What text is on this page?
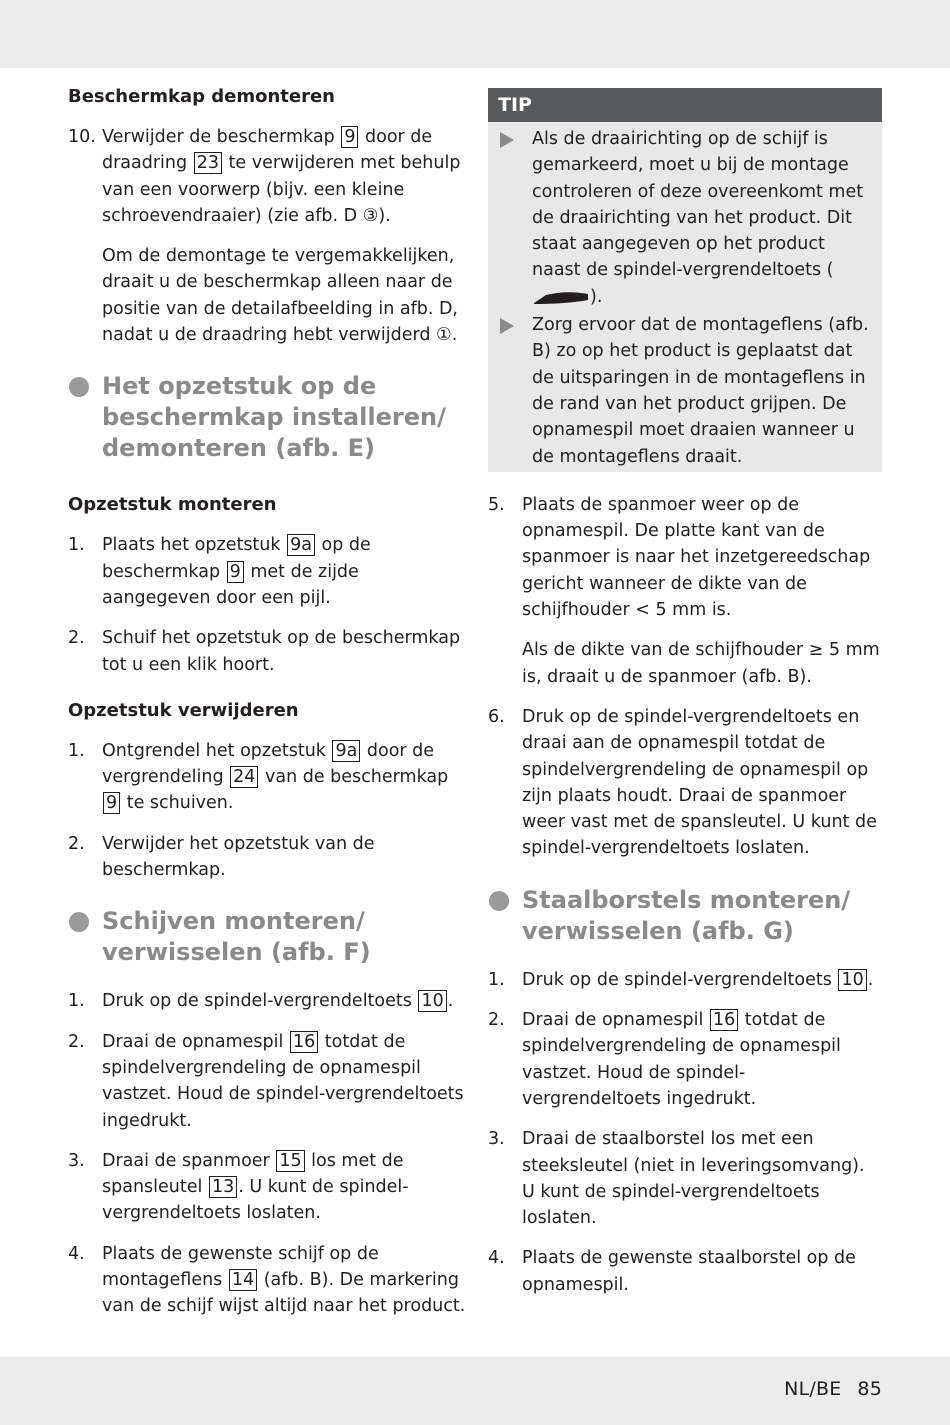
Beschermkap demonteren

10. Verwijder de beschermkap 9 door de draadring 23 te verwijderen met behulp van een voorwerp (bijv. een kleine schroevendraaier) (zie afb. D ③).
Om de demontage te vergemakkelijken, draait u de beschermkap alleen naar de positie van de detailafbeelding in afb. D, nadat u de draadring hebt verwijderd ①.

Het opzetstuk op de beschermkap installeren/ demonteren (afb. E)

Opzetstuk monteren

1. Plaats het opzetstuk 9a op de beschermkap 9 met de zijde aangegeven door een pijl.
2. Schuif het opzetstuk op de beschermkap tot u een klik hoort.

Opzetstuk verwijderen

1. Ontgrendel het opzetstuk 9a door de vergrendeling 24 van de beschermkap 9 te schuiven.
2. Verwijder het opzetstuk van de beschermkap.

Schijven monteren/ verwisselen (afb. F)

1. Druk op de spindel-vergrendeltoets 10 .
2. Draai de opnamespil 16 totdat de spindelvergrendeling de opnamespil vastzet. Houd de spindel-vergrendeltoets ingedrukt.
3. Draai de spanmoer 15 los met de spansleutel 13 . U kunt de spindel-vergrendeltoets loslaten.
4. Plaats de gewenste schijf op de montageflens 14 (afb. B). De markering van de schijf wijst altijd naar het product.
TIP

Als de draairichting op de schijf is gemarkeerd, moet u bij de montage controleren of deze overeenkomt met de draairichting van het product. Dit staat aangegeven op het product naast de spindel-vergrendeltoets ().

Zorg ervoor dat de montageflens (afb. B) zo op het product is geplaatst dat de uitsparingen in de montageflens in de rand van het product grijpen. De opnamespil moet draaien wanneer u de montageflens draait.

5. Plaats de spanmoer weer op de opnamespil. De platte kant van de spanmoer is naar het inzetgereedschap gericht wanneer de dikte van de schijfhouder < 5 mm is.
Als de dikte van de schijfhouder ≥ 5 mm is, draait u de spanmoer (afb. B).
6. Druk op de spindel-vergrendeltoets en draai aan de opnamespil totdat de spindelvergrendeling de opnamespil op zijn plaats houdt. Draai de spanmoer weer vast met de spansleutel. U kunt de spindel-vergrendeltoets loslaten.

Staalborstels monteren/ verwisselen (afb. G)

1. Druk op de spindel-vergrendeltoets 10 .
2. Draai de opnamespil 16 totdat de spindelvergrendeling de opnamespil vastzet. Houd de spindel-vergrendeltoets ingedrukt.
3. Draai de staalborstel los met een steeksleutel (niet in leveringsomvang). U kunt de spindel-vergrendeltoets loslaten.
4. Plaats de gewenste staalborstel op de opnamespil.
NL/BE 85
